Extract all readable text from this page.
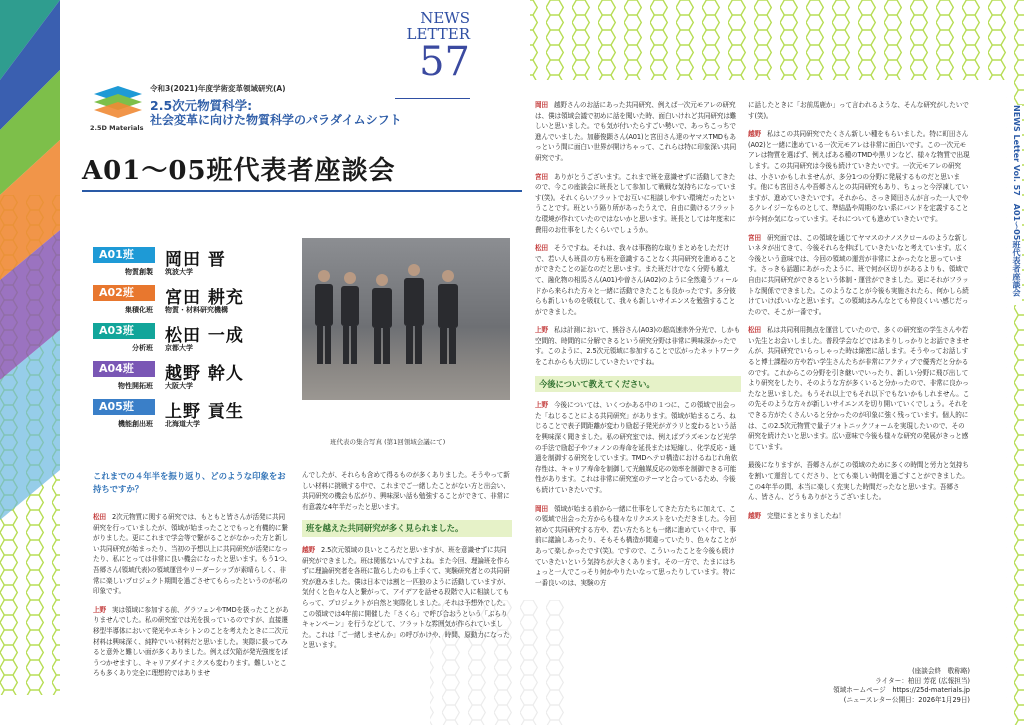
NEWS
LETTER
57
2.5D Materials
令和3(2021)年度学術変革領域研究(A)
2.5次元物質科学:
社会変革に向けた物質科学のパラダイムシフト
A01～05班代表者座談会
A01班
物質創製
岡田 晋
筑波大学
A02班
集積化班
宮田 耕充
物質・材料研究機構
A03班
分析班
松田 一成
京都大学
A04班
物性開拓班
越野 幹人
大阪大学
A05班
機能創出班
上野 貢生
北海道大学
班代表の集合写真 (第1回領域会議にて)
これまでの４年半を振り返り、どのような印象をお持ちですか？

松田 2次元物質に関する研究では、もともと皆さんが活発に共同研究を行っていましたが、領域が始まったことでもっと有機的に繋がりました。更にこれまで学会等で繋がることがなかった方と新しい共同研究が始まったり、当初の予想以上に共同研究が活発になったり、私にとっては非常に良い機会になったと思います。もう1つ、吾郷さん(領域代表)の領域運営やリーダーシップが素晴らしく、非常に楽しいプロジェクト期間を過ごさせてもらったというのが私の印象です。

上野 実は領域に参加する前、グラフェンやTMDを扱ったことがありませんでした。私の研究室では光を扱っているのですが、直接遷移型半導体において発光やエキシトンのことを考えたときに二次元材料は興味深く、純粋でいい材料だと思いました。実際に扱ってみると意外と難しい面が多くありました。例えば欠陥が発光強度をぼうつかせますし、キャリアダイナミクスも変わります。難しいところも多くあり完全に理想的ではありませ

んでしたが、それらも含めて得るものが多くありました。そうやって新しい材料に挑戦する中で、これまでご一緒したことがない方と出会い、共同研究の機会も広がり、興味深い話も勉強することができて、非常に有意義な4年半だったと思います。

班を越えた共同研究が多く見られました。

越野 2.5次元領域の良いところだと思いますが、班を意識せずに共同研究ができました。班は関係ないんですよね。また今回、理論班を作らずに理論研究者を各班に散らしたのも上手くて、実験研究者との共同研究が進みました。僕は日本では割と一匹狼のように活動していますが、気付くと色々な人と繋がって、アイデアを話せる段階で人に相談してもらって、プロジェクトが自然と実際化しました。それは予想外でした。この領域では4年前に開催した「さくら」で呼び合おうという「ぶらりキャンペーン」を行うなどして、フラットな雰囲気が作られていました。これは「ご一緒しませんか」の呼びかけや、時間、原動力になったと思います。

岡田 越野さんのお話にあった共同研究、例えば一次元モアレの研究は、僕は領域会議で初めに話を聞いた時、面白いけれど共同研究は難しいと思いました。でも気が付いたらすごい勢いで、あっちこっちで進んでいました。加藤俊顕さん(A01)と宮田さん達のヤマスTMDもあっという間に面白い世界が開けちゃって、これらは特に印象深い共同研究です。

宮田 ありがとうございます。これまで班を意識せずに活動してきたので、今この座談会に班長として参加して戦戦な気持ちになっています(笑)。それくらいフラットでお互いに相談しやすい環境だったということです。班という隔り所があったうえで、自由に動けるフラットな環境が作れていたのではないかと思います。班長としては年度末に費用のお仕事をしたくらいでしょうか。

松田 そうですね。それは、我々は事務的な取りまとめをしただけで、若い人も班員の方も班を意識することなく共同研究を進めることができたことの証なのだと思います。また班だけでなく分野も越えて、融化物の相馬さん(A01)や曽さん(A02)のように全然違うフィールドから来られた方々と一緒に活動できたことも良かったです。多分彼らも新しいものを吸収して、我々も新しいサイエンスを勉強することができました。

上野 私は計測において、熊谷さん(A03)の超高速赤外分光で、しかも空間的、時間的に分解できるという研究分野は非常に興味深かったです。このように、2.5次元領域に参加することで広がったネットワークをこれからも大切にしていきたいですね。

今後について教えてください。

上野 今後については、いくつかある中の１つに、この領域で出会った「ねじることによる共同研究」があります。領域が始まるころ、ねじることで表子間距離が変わり励起子発光がガラリと変わるという話を興味深く聞きました。私の研究室では、例えばプラズモンなど光学の手法で励起子やフォノンの寿命を延長または短縮し、化学反応・通過を制御する研究をしています。TMDヘテロ構造におけるねじれ角依存性は、キャリア寿命を制御して光触媒反応の効率を制御できる可能性があります。これは非常に研究室のテーマと合っているため、今後も続けていきたいです。

岡田 領域が始まる前から一緒に仕事をしてきた方たちに加えて、この領域で出会った方からも様々なリクエストをいただきました。今回初めて共同研究する方や、若い方たちとも一緒に進めていく中で、事前に議論しあったり、そもそも構造が間違っていたり、色々なことがあって楽しかったです(笑)。ですので、こういったことを今後も続けていきたいという気持ちが大きくあります。その一方で、たまにはちょっと一人でこっそり何かやりたいなって思ったりしています。特に一番良いのは、実験の方

に話したときに「お前馬鹿か」って言われるような、そんな研究がしたいです(笑)。

越野 私はこの共同研究でたくさん新しい種をもらいました。特に町田さん(A02)と一緒に進めている一次元モアレは非常に面白いです。この一次元モアレは物質を選ばず、例えばある種のTMDや黒リンなど、様々な物質で出現します。この共同研究は今後も続けていきたいです。一次元モアレの研究は、小さいかもしれませんが、多分1つの分野に発展するものだと思います。他にも宮田さんや吾郷さんとの共同研究もあり、ちょっと今浮凍していますが、進めていきたいです。それから、さっき岡田さんが言った一人でやるクレイジーなものとして、準結晶や周期のない系にバンドを定義することが今何か気になっています。それについても進めていきたいです。

宮田 研究面では、この領域を通じてヤマスのナノスクロールのような新しいネタが出てきて、今後それらを伸ばしていきたいなと考えています。広く今後という意味では、今回の領域の運営が非常によかったなと思っています。さっきも話題にあがったように、班で何か区切りがあるよりも、領域で自由に共同研究ができるという体制・運営ができました。更にそれがフラットな関係でできました。このようなことが今後も実施されたら、何かしら続けていけばいいなと思います。この領域はみんなとても仲良くいい感じだったので、そこが一番です。

松田 私は共同利用拠点を運営していたので、多くの研究室の学生さんや若い先生とお会いしました。普段学会などではあまりしっかりとお話できませんが、共同研究でいらっしゃった時は綿密に話します。そうやってお話しすると博士課程の方や若い学生さんたちが非常にアクティブで優秀だと分かるのです。これからこの分野を引き継いでいったり、新しい分野に飛び出してより研究をしたり、そのような方が多くいると分かったので、非常に良かったなと思いました。もうそれ以上でもそれ以下でもないかもしれません。この先そのような方々が新しいサイエンスを切り開いていくでしょう。それをできる方がたくさんいると分かったのが印象に強く残っています。個人的には、この2.5次元物質で量子フォトニックフォームを実現したいので、その研究を続けたいと思います。広い意味で今後も様々な研究の発展がきっと感じています。

最後になりますが、吾郷さんがこの領域のために多くの時間と労力と気持ちを割いて運営してくださり、とても楽しい時間を過ごすことができました。この4年半の間、本当に楽しく充実した時間だったなと思います。吾郷さん、皆さん、どうもありがとうございました。

越野 完璧にまとまりましたね！

(座談会終　敬称略)
ライター：柏田 芳花 (広報担当)
領域ホームページ　https://25d-materials.jp
(ニュースレター公開日：2026年1月29日)
NEWS Letter Vol. 57　A01～05班代表者座談会
